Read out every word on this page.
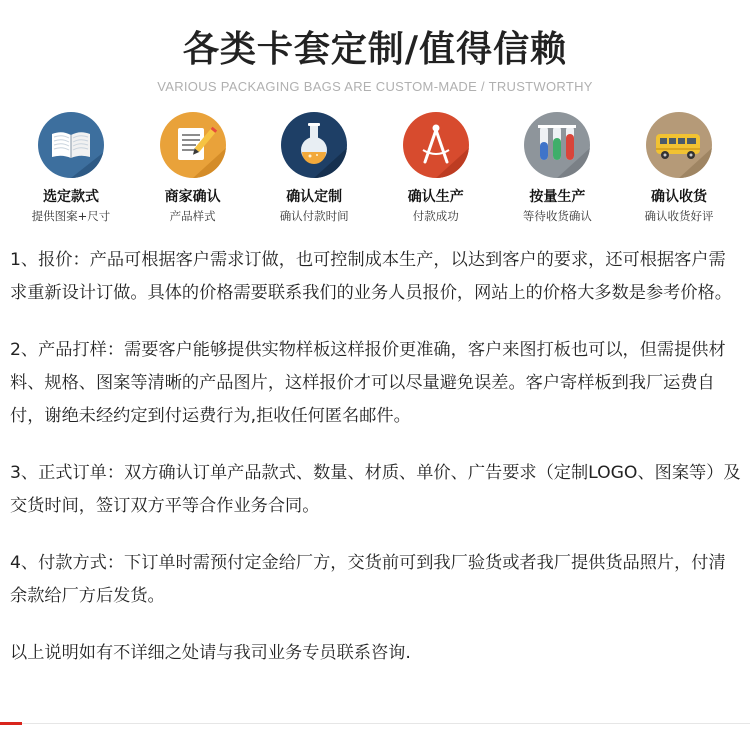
各类卡套定制/值得信赖
VARIOUS PACKAGING BAGS ARE CUSTOM-MADE / TRUSTWORTHY
选定款式
提供图案+尺寸
商家确认
产品样式
确认定制
确认付款时间
确认生产
付款成功
按量生产
等待收货确认
确认收货
确认收货好评

1、报价：产品可根据客户需求订做，也可控制成本生产，以达到客户的要求，还可根据客户需求重新设计订做。具体的价格需要联系我们的业务人员报价，网站上的价格大多数是参考价格。

2、产品打样：需要客户能够提供实物样板这样报价更准确，客户来图打板也可以，但需提供材料、规格、图案等清晰的产品图片，这样报价才可以尽量避免误差。客户寄样板到我厂运费自付，谢绝未经约定到付运费行为,拒收任何匿名邮件。

3、正式订单：双方确认订单产品款式、数量、材质、单价、广告要求（定制LOGO、图案等）及交货时间，签订双方平等合作业务合同。

4、付款方式：下订单时需预付定金给厂方，交货前可到我厂验货或者我厂提供货品照片，付清余款给厂方后发货。

以上说明如有不详细之处请与我司业务专员联系咨询.
